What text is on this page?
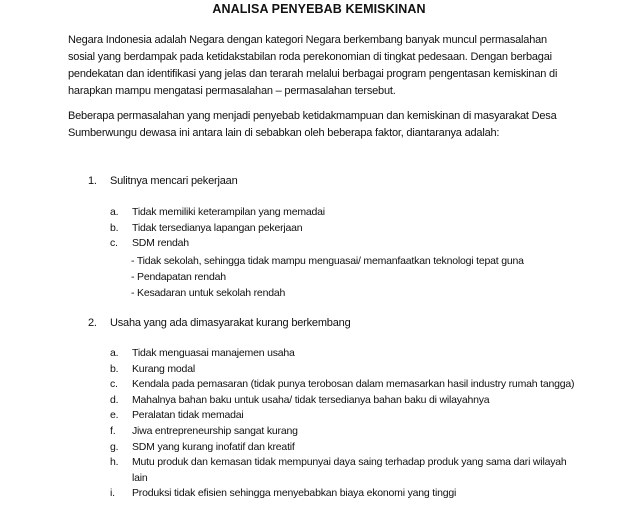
ANALISA PENYEBAB KEMISKINAN
Negara Indonesia adalah Negara dengan kategori Negara berkembang banyak muncul permasalahan sosial yang berdampak pada ketidakstabilan roda perekonomian di tingkat pedesaan. Dengan berbagai pendekatan dan identifikasi yang jelas dan terarah melalui berbagai program pengentasan kemiskinan di harapkan mampu mengatasi permasalahan – permasalahan tersebut.
Beberapa permasalahan yang menjadi penyebab ketidakmampuan dan kemiskinan di masyarakat Desa Sumberwungu dewasa ini antara lain di sebabkan oleh beberapa faktor, diantaranya adalah:
1. Sulitnya mencari pekerjaan
a. Tidak memiliki keterampilan yang memadai
b. Tidak tersedianya lapangan pekerjaan
c. SDM rendah
- Tidak sekolah, sehingga tidak mampu menguasai/ memanfaatkan teknologi tepat guna
- Pendapatan rendah
- Kesadaran untuk sekolah rendah
2. Usaha yang ada dimasyarakat kurang berkembang
a. Tidak menguasai manajemen usaha
b. Kurang modal
c. Kendala pada pemasaran (tidak punya terobosan dalam memasarkan hasil industry rumah tangga)
d. Mahalnya bahan baku untuk usaha/ tidak tersedianya bahan baku di wilayahnya
e. Peralatan tidak memadai
f. Jiwa entrepreneurship sangat kurang
g. SDM yang kurang inofatif dan kreatif
h. Mutu produk dan kemasan tidak mempunyai daya saing terhadap produk yang sama dari wilayah lain
i. Produksi tidak efisien sehingga menyebabkan biaya ekonomi yang tinggi
